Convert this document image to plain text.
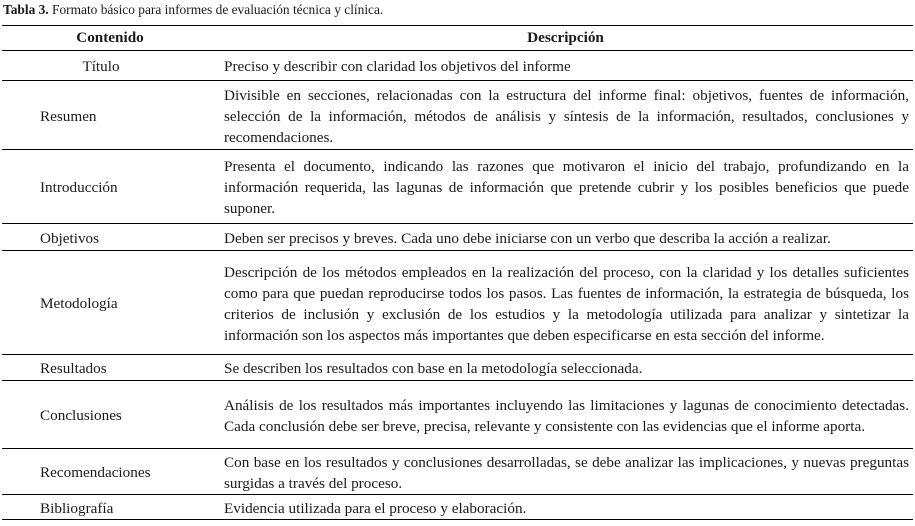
Tabla 3. Formato básico para informes de evaluación técnica y clínica.
Contenido	Descripción
Título	Preciso y describir con claridad los objetivos del informe
Resumen	Divisible en secciones, relacionadas con la estructura del informe final: objetivos, fuentes de información, selección de la información, métodos de análisis y síntesis de la información, resultados, conclusiones y recomendaciones.
Introducción	Presenta el documento, indicando las razones que motivaron el inicio del trabajo, profundizando en la información requerida, las lagunas de información que pretende cubrir y los posibles beneficios que puede suponer.
Objetivos	Deben ser precisos y breves. Cada uno debe iniciarse con un verbo que describa la acción a realizar.
Metodología	Descripción de los métodos empleados en la realización del proceso, con la claridad y los detalles suficientes como para que puedan reproducirse todos los pasos. Las fuentes de información, la estrategia de búsqueda, los criterios de inclusión y exclusión de los estudios y la metodología utilizada para analizar y sintetizar la información son los aspectos más importantes que deben especificarse en esta sección del informe.
Resultados	Se describen los resultados con base en la metodología seleccionada.
Conclusiones	Análisis de los resultados más importantes incluyendo las limitaciones y lagunas de conocimiento detectadas. Cada conclusión debe ser breve, precisa, relevante y consistente con las evidencias que el informe aporta.
Recomendaciones	Con base en los resultados y conclusiones desarrolladas, se debe analizar las implicaciones, y nuevas preguntas surgidas a través del proceso.
Bibliografía	Evidencia utilizada para el proceso y elaboración.
